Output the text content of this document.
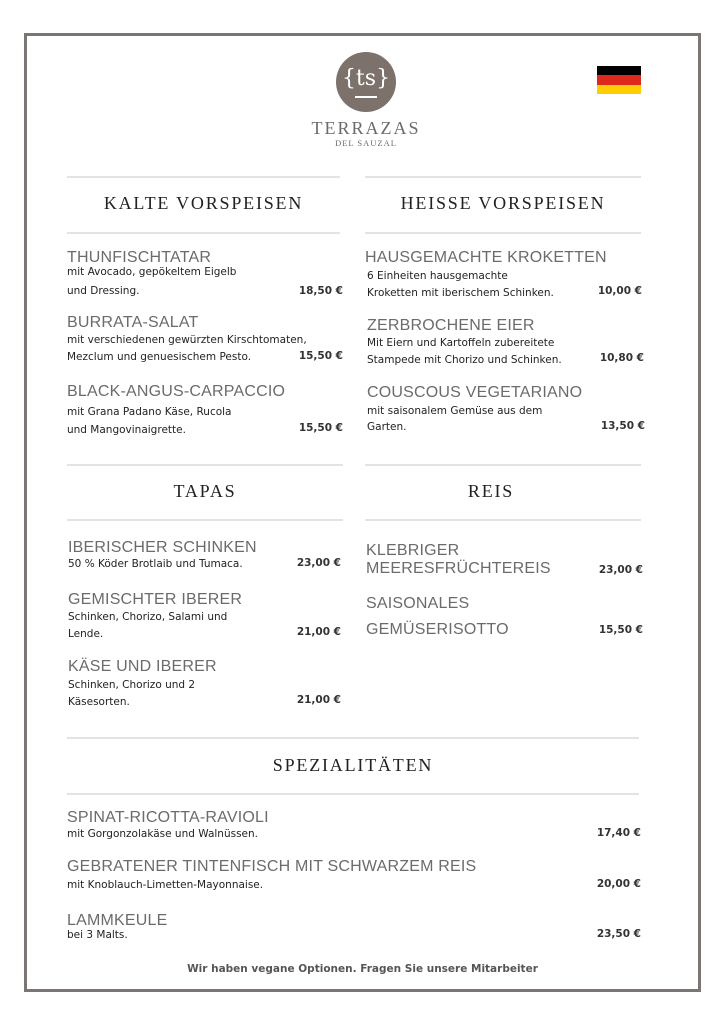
{ts}
TERRAZAS
DEL SAUZAL
KALTE VORSPEISEN
THUNFISCHTATAR
mit Avocado, gepökeltem Eigelb
und Dressing.	18,50 €
BURRATA-SALAT
mit verschiedenen gewürzten Kirschtomaten,
Mezclum und genuesischem Pesto.	15,50 €
BLACK-ANGUS-CARPACCIO
mit Grana Padano Käse, Rucola
und Mangovinaigrette.	15,50 €
HEISSE VORSPEISEN
HAUSGEMACHTE KROKETTEN
6 Einheiten hausgemachte
Kroketten mit iberischem Schinken.	10,00 €
ZERBROCHENE EIER
Mit Eiern und Kartoffeln zubereitete
Stampede mit Chorizo und Schinken.	10,80 €
COUSCOUS VEGETARIANO
mit saisonalem Gemüse aus dem
Garten.	13,50 €
TAPAS
IBERISCHER SCHINKEN
50 % Köder Brotlaib und Tumaca.	23,00 €
GEMISCHTER IBERER
Schinken, Chorizo, Salami und
Lende.	21,00 €
KÄSE UND IBERER
Schinken, Chorizo und 2
Käsesorten.	21,00 €
REIS
KLEBRIGER
MEERESFRÜCHTEREIS	23,00 €
SAISONALES
GEMÜSERISOTTO	15,50 €
SPEZIALITÄTEN
SPINAT-RICOTTA-RAVIOLI
mit Gorgonzolakäse und Walnüssen.	17,40 €
GEBRATENER TINTENFISCH MIT SCHWARZEM REIS
mit Knoblauch-Limetten-Mayonnaise.	20,00 €
LAMMKEULE
bei 3 Malts.	23,50 €
Wir haben vegane Optionen. Fragen Sie unsere Mitarbeiter
